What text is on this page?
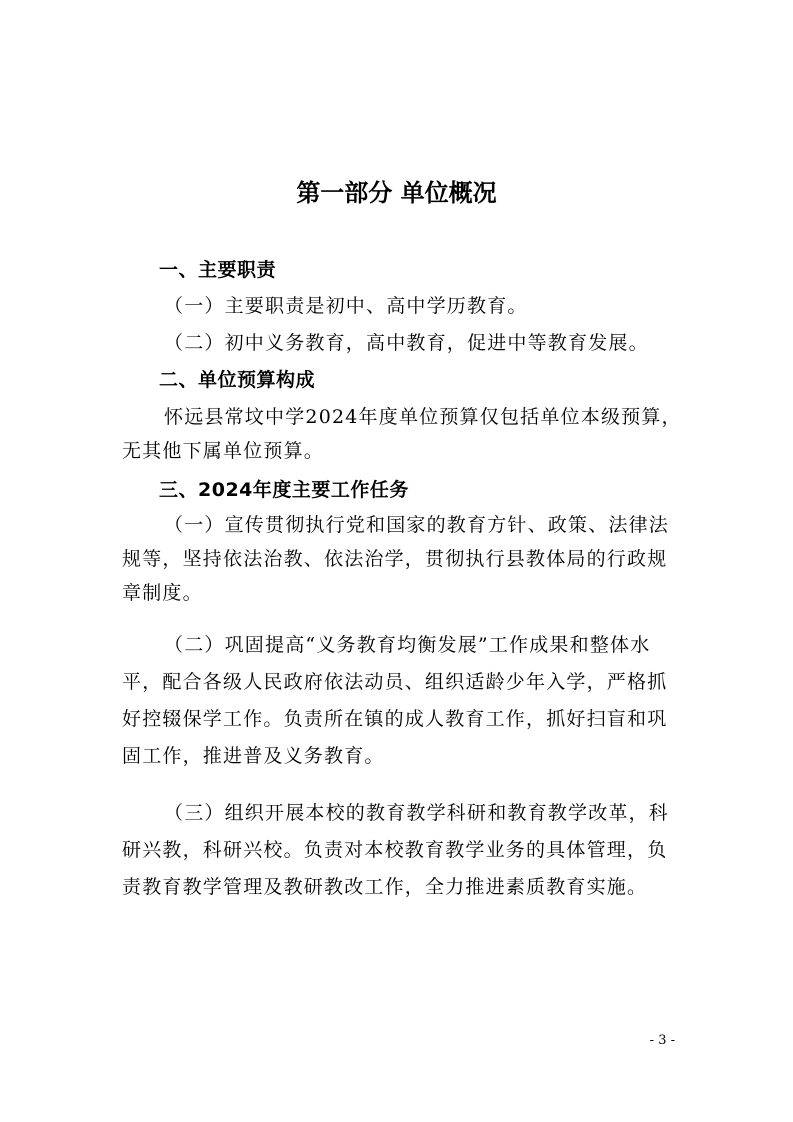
第一部分 单位概况

一、主要职责

（一）主要职责是初中、高中学历教育。

（二）初中义务教育，高中教育，促进中等教育发展。

二、单位预算构成

怀远县常坟中学2024年度单位预算仅包括单位本级预算，无其他下属单位预算。

三、2024年度主要工作任务

（一）宣传贯彻执行党和国家的教育方针、政策、法律法规等，坚持依法治教、依法治学，贯彻执行县教体局的行政规章制度。

（二）巩固提高“义务教育均衡发展”工作成果和整体水平，配合各级人民政府依法动员、组织适龄少年入学，严格抓好控辍保学工作。负责所在镇的成人教育工作，抓好扫盲和巩固工作，推进普及义务教育。

（三）组织开展本校的教育教学科研和教育教学改革，科研兴教，科研兴校。负责对本校教育教学业务的具体管理，负责教育教学管理及教研教改工作，全力推进素质教育实施。

- 3 -
